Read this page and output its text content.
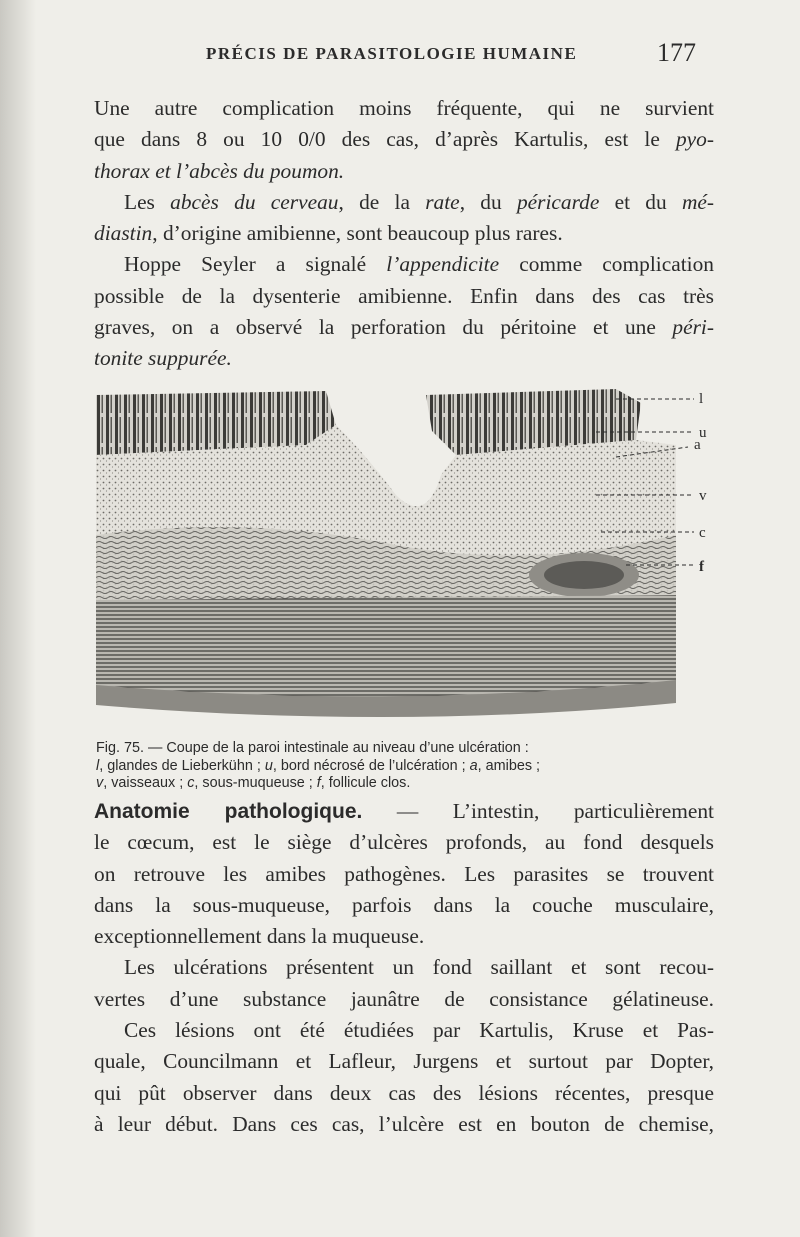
PRÉCIS DE PARASITOLOGIE HUMAINE	177
Une autre complication moins fréquente, qui ne survient
que dans 8 ou 10 0/0 des cas, d’après Kartulis, est le pyo-
thorax et l’abcès du poumon.
Les abcès du cerveau, de la rate, du péricarde et du mé-
diastin, d’origine amibienne, sont beaucoup plus rares.
Hoppe Seyler a signalé l’appendicite comme complication
possible de la dysenterie amibienne. Enfin dans des cas très
graves, on a observé la perforation du péritoine et une péri-
tonite suppurée.
l
u
a
v
c
f
Fig. 75. — Coupe de la paroi intestinale au niveau d’une ulcération :
l, glandes de Lieberkühn ; u, bord nécrosé de l’ulcération ; a, amibes ;
v, vaisseaux ; c, sous-muqueuse ; f, follicule clos.
Anatomie pathologique. — L’intestin, particulièrement
le cœcum, est le siège d’ulcères profonds, au fond desquels
on retrouve les amibes pathogènes. Les parasites se trouvent
dans la sous-muqueuse, parfois dans la couche musculaire,
exceptionnellement dans la muqueuse.
Les ulcérations présentent un fond saillant et sont recou-
vertes d’une substance jaunâtre de consistance gélatineuse.
Ces lésions ont été étudiées par Kartulis, Kruse et Pas-
quale, Councilmann et Lafleur, Jurgens et surtout par Dopter,
qui pût observer dans deux cas des lésions récentes, presque
à leur début. Dans ces cas, l’ulcère est en bouton de chemise,
